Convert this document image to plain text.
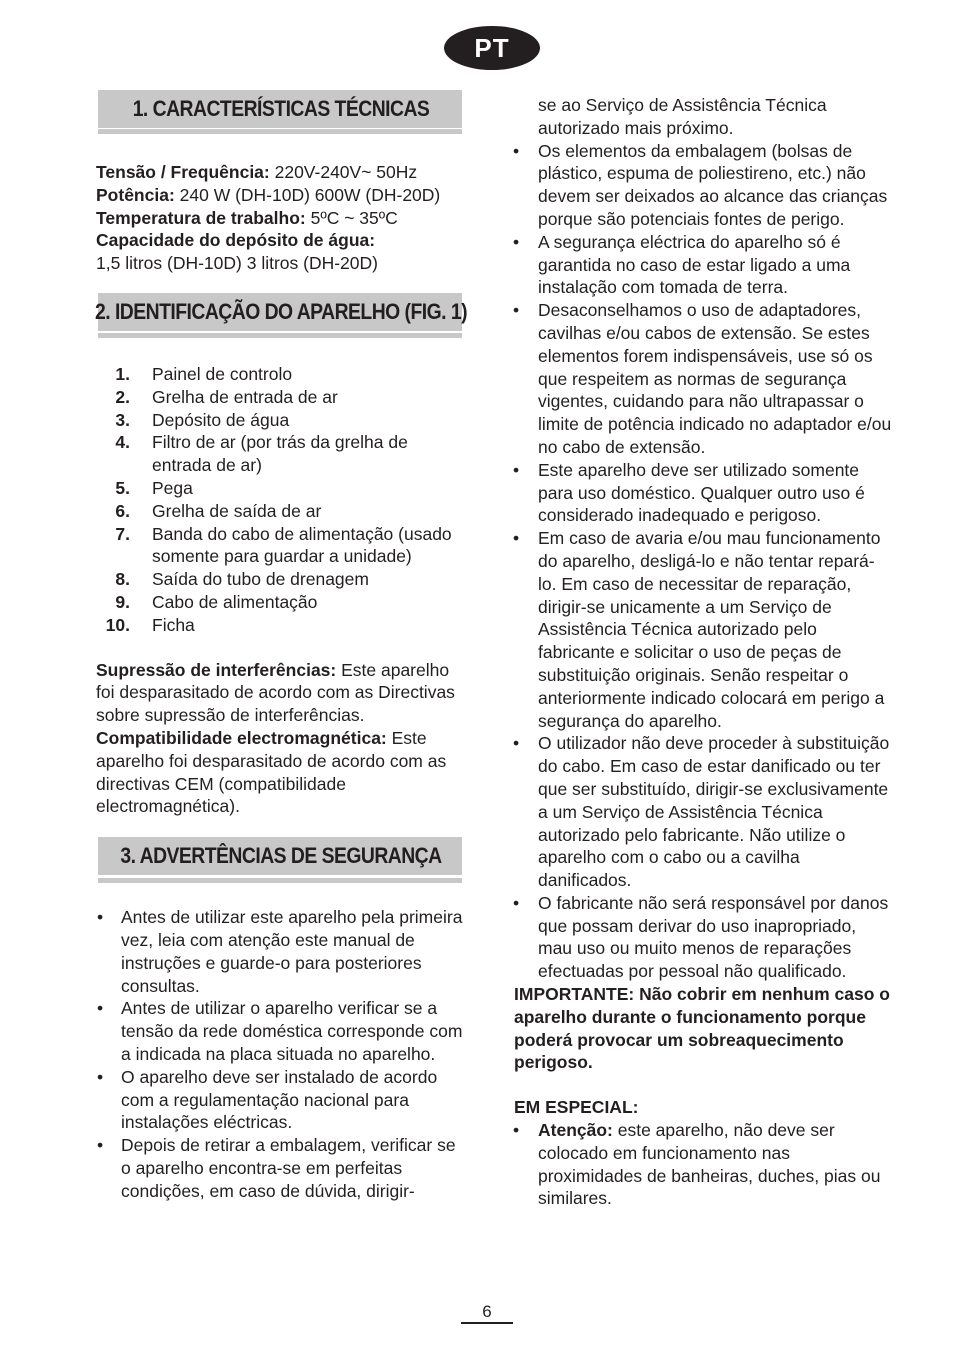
PT
1. CARACTERÍSTICAS TÉCNICAS
Tensão / Frequência: 220V-240V~ 50Hz
Potência: 240 W (DH-10D) 600W (DH-20D)
Temperatura de trabalho: 5ºC ~ 35ºC
Capacidade do depósito de água:
1,5 litros (DH-10D) 3 litros (DH-20D)
2. IDENTIFICAÇÃO DO APARELHO (FIG. 1)
1. Painel de controlo
2. Grelha de entrada de ar
3. Depósito de água
4. Filtro de ar (por trás da grelha de entrada de ar)
5. Pega
6. Grelha de saída de ar
7. Banda do cabo de alimentação (usado somente para guardar a unidade)
8. Saída do tubo de drenagem
9. Cabo de alimentação
10. Ficha

Supressão de interferências: Este aparelho foi desparasitado de acordo com as Directivas sobre supressão de interferências.

Compatibilidade electromagnética: Este aparelho foi desparasitado de acordo com as directivas CEM (compatibilidade electromagnética).

3. ADVERTÊNCIAS DE SEGURANÇA
• Antes de utilizar este aparelho pela primeira vez, leia com atenção este manual de instruções e guarde-o para posteriores consultas.
• Antes de utilizar o aparelho verificar se a tensão da rede doméstica corresponde com a indicada na placa situada no aparelho.
• O aparelho deve ser instalado de acordo com a regulamentação nacional para instalações eléctricas.
• Depois de retirar a embalagem, verificar se o aparelho encontra-se em perfeitas condições, em caso de dúvida, dirigir-

se ao Serviço de Assistência Técnica autorizado mais próximo.

• Os elementos da embalagem (bolsas de plástico, espuma de poliestireno, etc.) não devem ser deixados ao alcance das crianças porque são potenciais fontes de perigo.
• A segurança eléctrica do aparelho só é garantida no caso de estar ligado a uma instalação com tomada de terra.
• Desaconselhamos o uso de adaptadores, cavilhas e/ou cabos de extensão. Se estes elementos forem indispensáveis, use só os que respeitem as normas de segurança vigentes, cuidando para não ultrapassar o limite de potência indicado no adaptador e/ou no cabo de extensão.
• Este aparelho deve ser utilizado somente para uso doméstico. Qualquer outro uso é considerado inadequado e perigoso.
• Em caso de avaria e/ou mau funcionamento do aparelho, desligá-lo e não tentar repará-lo. Em caso de necessitar de reparação, dirigir-se unicamente a um Serviço de Assistência Técnica autorizado pelo fabricante e solicitar o uso de peças de substituição originais. Senão respeitar o anteriormente indicado colocará em perigo a segurança do aparelho.
• O utilizador não deve proceder à substituição do cabo. Em caso de estar danificado ou ter que ser substituído, dirigir-se exclusivamente a um Serviço de Assistência Técnica autorizado pelo fabricante. Não utilize o aparelho com o cabo ou a cavilha danificados.
• O fabricante não será responsável por danos que possam derivar do uso inapropriado, mau uso ou muito menos de reparações efectuadas por pessoal não qualificado.

IMPORTANTE: Não cobrir em nenhum caso o aparelho durante o funcionamento porque poderá provocar um sobreaquecimento perigoso.

EM ESPECIAL:

• Atenção: este aparelho, não deve ser colocado em funcionamento nas proximidades de banheiras, duches, pias ou similares.
6
